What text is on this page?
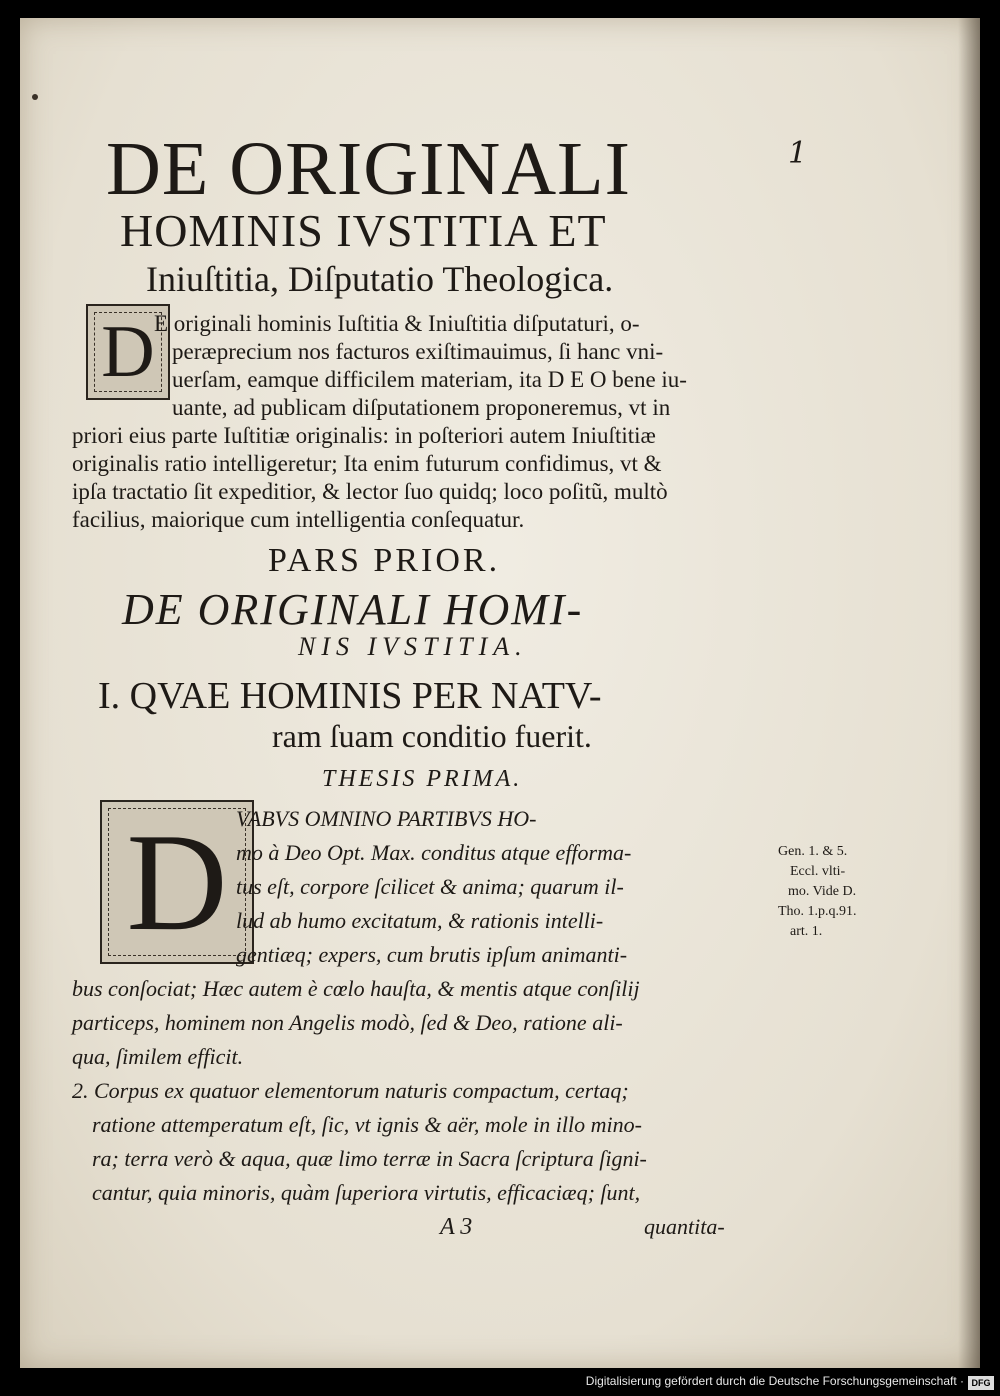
DE ORIGINALI	1
HOMINIS IVSTITIA ET
Iniuſtitia, Diſputatio Theologica.
D E originali hominis Iuſtitia & Iniuſtitia diſputaturi, o-
peræprecium nos facturos exiſtimauimus, ſi hanc vni-
uerſam, eamque difficilem materiam, ita D E O bene iu-
uante, ad publicam diſputationem proponeremus, vt in
priori eius parte Iuſtitiæ originalis: in poſteriori autem Iniuſtitiæ
originalis ratio intelligeretur; Ita enim futurum confidimus, vt &
ipſa tractatio ſit expeditior, & lector ſuo quidq; loco poſitũ, multò
facilius, maiorique cum intelligentia conſequatur.
PARS PRIOR.
DE ORIGINALI HOMI-
NIS IVSTITIA.
I. QVAE HOMINIS PER NATV-
ram ſuam conditio fuerit.
THESIS PRIMA.
D VABVS OMNINO PARTIBVS HO-
mo à Deo Opt. Max. conditus atque efforma-
tus eſt, corpore ſcilicet & anima; quarum il-
lud ab humo excitatum, & rationis intelli-
gentiæq; expers, cum brutis ipſum animanti-
bus conſociat; Hæc autem è cœlo hauſta, & mentis atque conſilij
particeps, hominem non Angelis modò, ſed & Deo, ratione ali-
qua, ſimilem efficit.
2. Corpus ex quatuor elementorum naturis compactum, certaq;
ratione attemperatum eſt, ſic, vt ignis & aër, mole in illo mino-
ra; terra verò & aqua, quæ limo terræ in Sacra ſcriptura ſigni-
cantur, quia minoris, quàm ſuperiora virtutis, efficaciæq; ſunt,
A 3	quantita-
Gen. 1. & 5.
Eccl. vlti-
mo. Vide D.
Tho. 1.p.q.91.
art. 1.
Digitalisierung gefördert durch die Deutsche Forschungsgemeinschaft · DFG
